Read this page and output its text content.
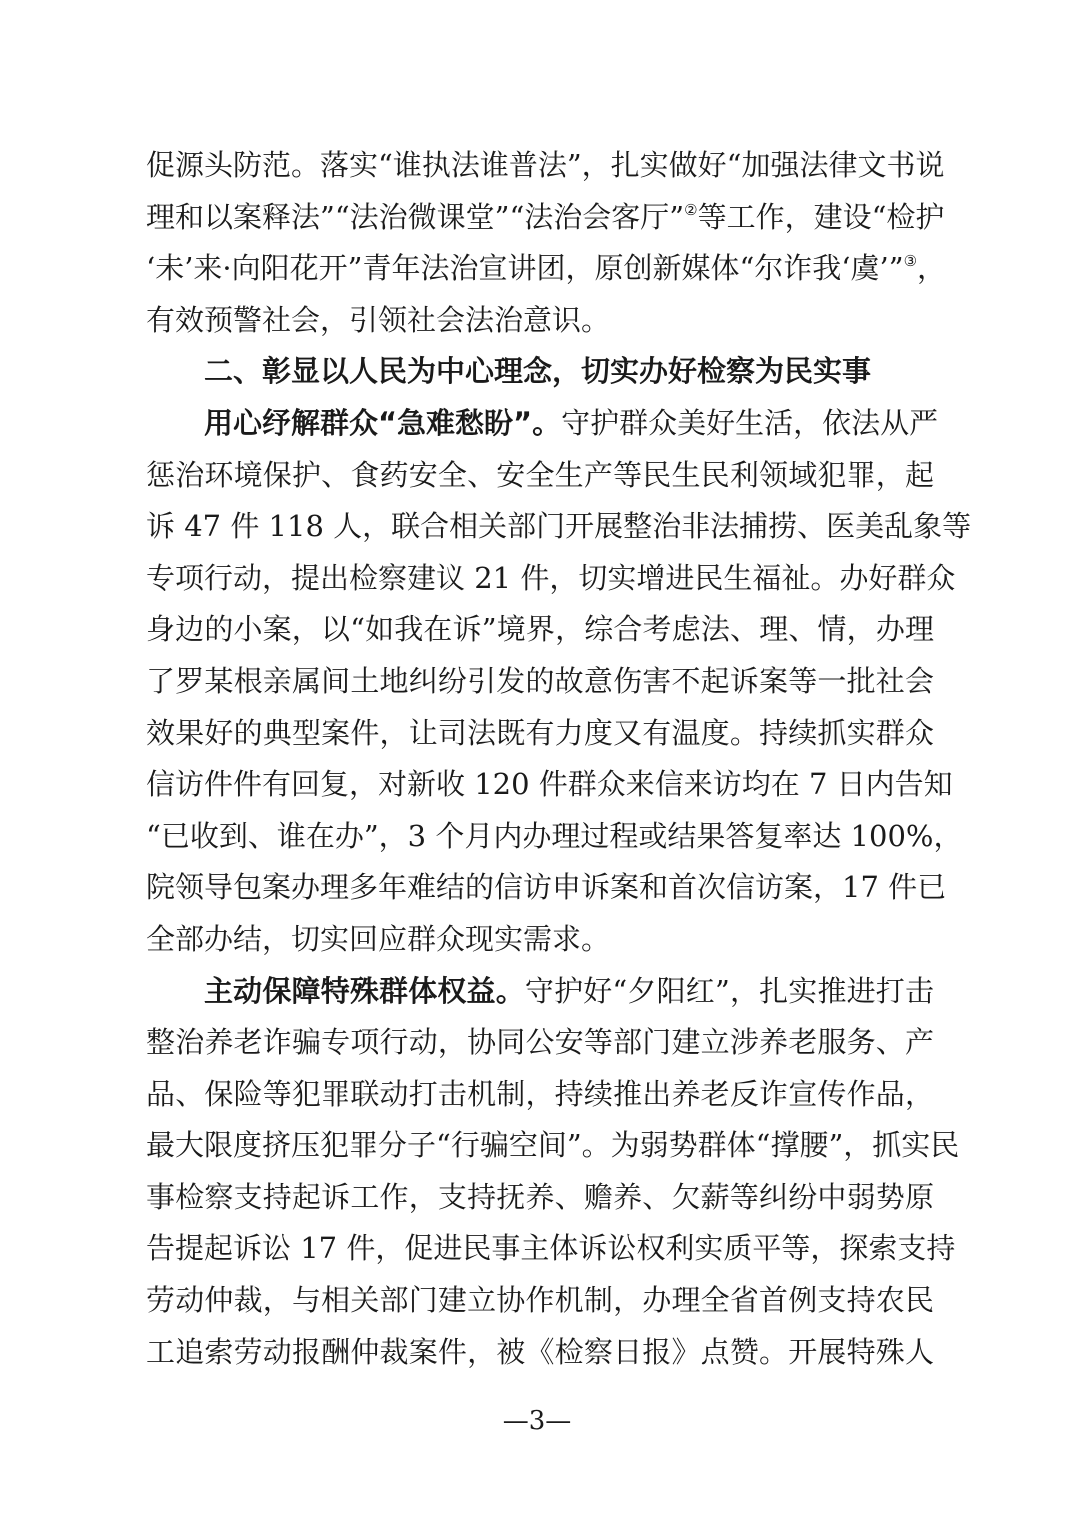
促源头防范。落实“谁执法谁普法”，扎实做好“加强法律文书说
理和以案释法”“法治微课堂”“法治会客厅”②等工作，建设“检护
‘未’来·向阳花开”青年法治宣讲团，原创新媒体“尔诈我‘虞’”③，
有效预警社会，引领社会法治意识。
二、彰显以人民为中心理念，切实办好检察为民实事
用心纾解群众“急难愁盼”。守护群众美好生活，依法从严
惩治环境保护、食药安全、安全生产等民生民利领域犯罪，起
诉 47 件 118 人，联合相关部门开展整治非法捕捞、医美乱象等
专项行动，提出检察建议 21 件，切实增进民生福祉。办好群众
身边的小案，以“如我在诉”境界，综合考虑法、理、情，办理
了罗某根亲属间土地纠纷引发的故意伤害不起诉案等一批社会
效果好的典型案件，让司法既有力度又有温度。持续抓实群众
信访件件有回复，对新收 120 件群众来信来访均在 7 日内告知
“已收到、谁在办”，3 个月内办理过程或结果答复率达 100%，
院领导包案办理多年难结的信访申诉案和首次信访案，17 件已
全部办结，切实回应群众现实需求。
主动保障特殊群体权益。守护好“夕阳红”，扎实推进打击
整治养老诈骗专项行动，协同公安等部门建立涉养老服务、产
品、保险等犯罪联动打击机制，持续推出养老反诈宣传作品，
最大限度挤压犯罪分子“行骗空间”。为弱势群体“撑腰”，抓实民
事检察支持起诉工作，支持抚养、赡养、欠薪等纠纷中弱势原
告提起诉讼 17 件，促进民事主体诉讼权利实质平等，探索支持
劳动仲裁，与相关部门建立协作机制，办理全省首例支持农民
工追索劳动报酬仲裁案件，被《检察日报》点赞。开展特殊人
—3—
